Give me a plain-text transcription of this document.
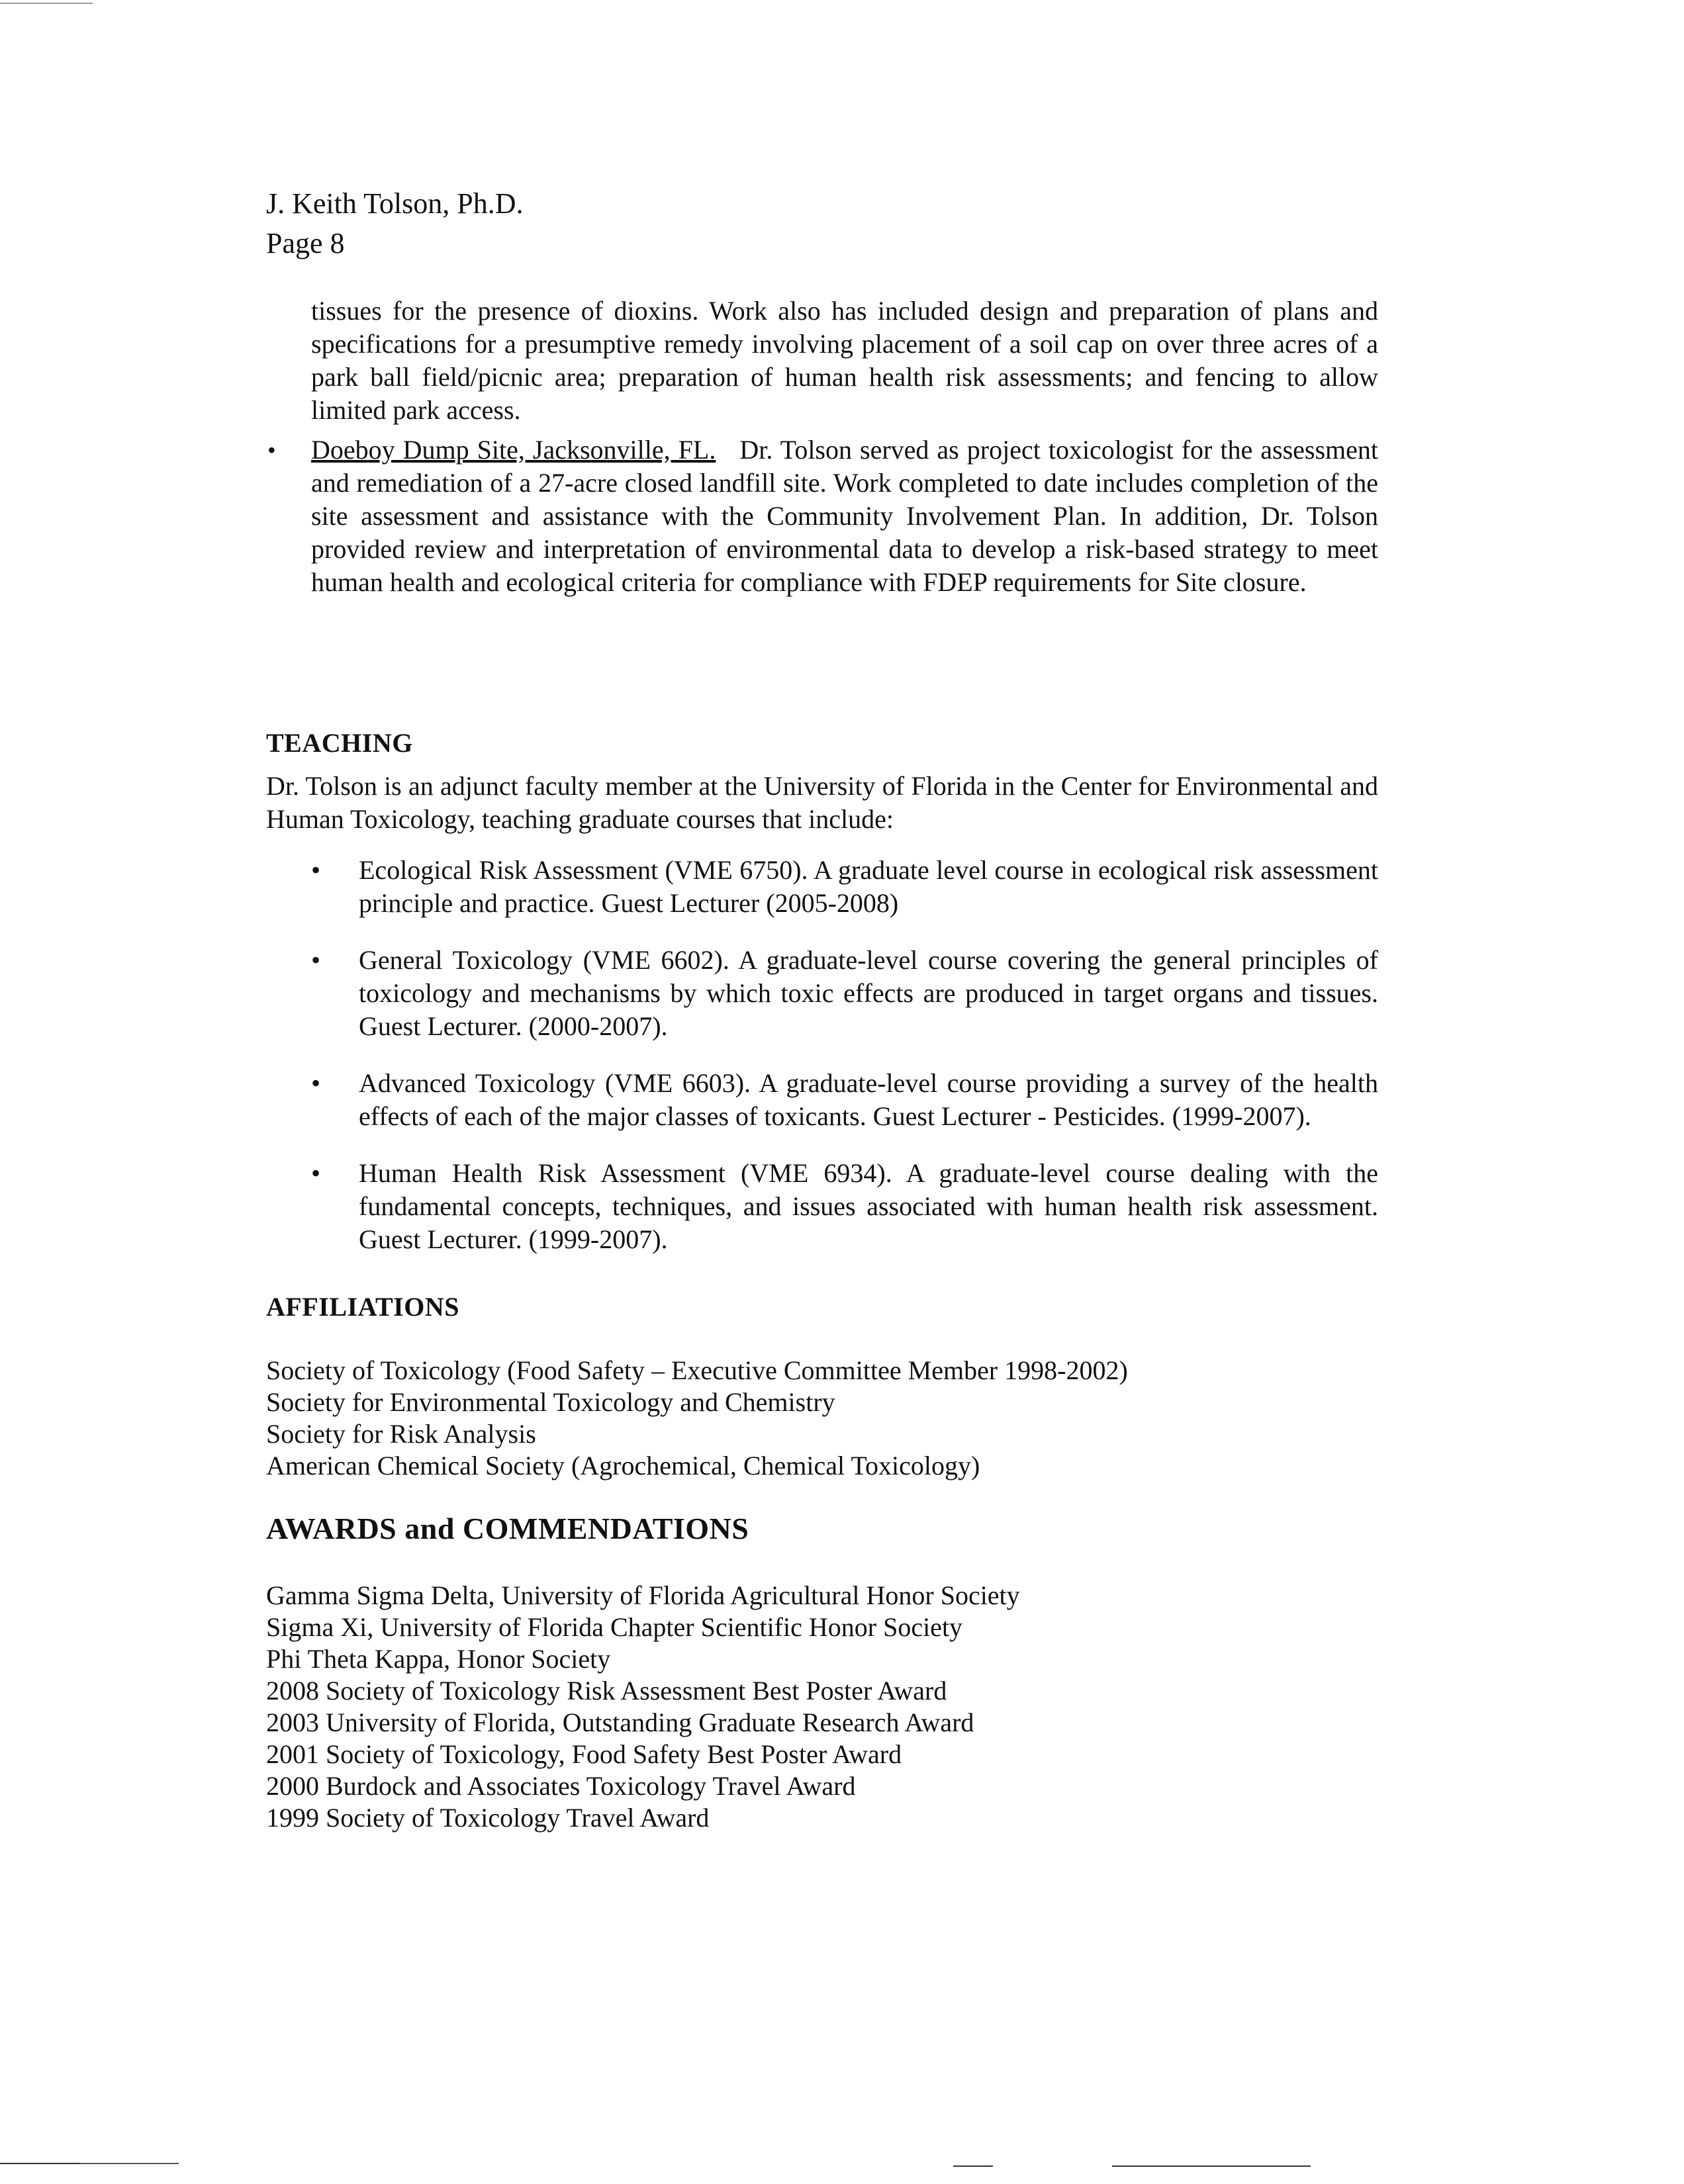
J. Keith Tolson, Ph.D.
Page 8
tissues for the presence of dioxins. Work also has included design and preparation of plans and specifications for a presumptive remedy involving placement of a soil cap on over three acres of a park ball field/picnic area; preparation of human health risk assessments; and fencing to allow limited park access.
• Doeboy Dump Site, Jacksonville, FL. Dr. Tolson served as project toxicologist for the assessment and remediation of a 27-acre closed landfill site. Work completed to date includes completion of the site assessment and assistance with the Community Involvement Plan. In addition, Dr. Tolson provided review and interpretation of environmental data to develop a risk-based strategy to meet human health and ecological criteria for compliance with FDEP requirements for Site closure.
TEACHING
Dr. Tolson is an adjunct faculty member at the University of Florida in the Center for Environmental and Human Toxicology, teaching graduate courses that include:
• Ecological Risk Assessment (VME 6750). A graduate level course in ecological risk assessment principle and practice. Guest Lecturer (2005-2008)
• General Toxicology (VME 6602). A graduate-level course covering the general principles of toxicology and mechanisms by which toxic effects are produced in target organs and tissues. Guest Lecturer. (2000-2007).
• Advanced Toxicology (VME 6603). A graduate-level course providing a survey of the health effects of each of the major classes of toxicants. Guest Lecturer - Pesticides. (1999-2007).
• Human Health Risk Assessment (VME 6934). A graduate-level course dealing with the fundamental concepts, techniques, and issues associated with human health risk assessment. Guest Lecturer. (1999-2007).
AFFILIATIONS
Society of Toxicology (Food Safety – Executive Committee Member 1998-2002)
Society for Environmental Toxicology and Chemistry
Society for Risk Analysis
American Chemical Society (Agrochemical, Chemical Toxicology)
AWARDS and COMMENDATIONS
Gamma Sigma Delta, University of Florida Agricultural Honor Society
Sigma Xi, University of Florida Chapter Scientific Honor Society
Phi Theta Kappa, Honor Society
2008 Society of Toxicology Risk Assessment Best Poster Award
2003 University of Florida, Outstanding Graduate Research Award
2001 Society of Toxicology, Food Safety Best Poster Award
2000 Burdock and Associates Toxicology Travel Award
1999 Society of Toxicology Travel Award
